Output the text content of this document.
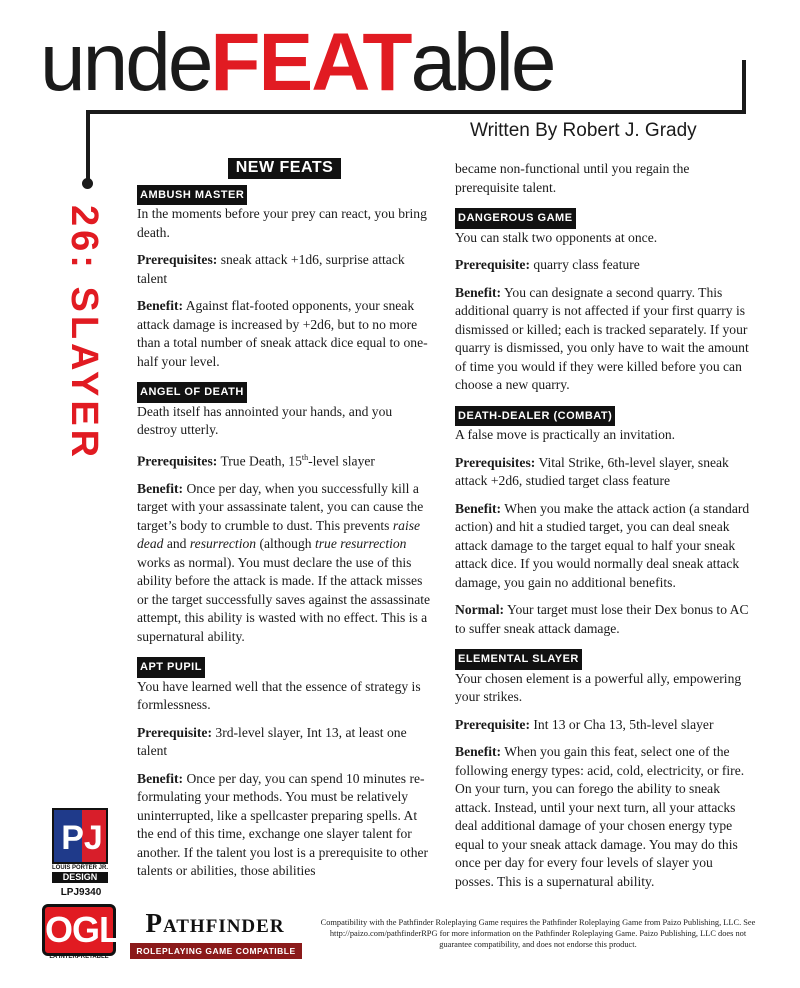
undeFEATable
Written By Robert J. Grady
26: SLAYER
NEW FEATS
AMBUSH MASTER

In the moments before your prey can react, you bring death.

Prerequisites: sneak attack +1d6, surprise attack talent

Benefit: Against flat-footed opponents, your sneak attack damage is increased by +2d6, but to no more than a total number of sneak attack dice equal to one-half your level.

ANGEL OF DEATH

Death itself has annointed your hands, and you destroy utterly.

Prerequisites: True Death, 15th-level slayer

Benefit: Once per day, when you successfully kill a target with your assassinate talent, you can cause the target’s body to crumble to dust. This prevents raise dead and resurrection (although true resurrection works as normal). You must declare the use of this ability before the attack is made. If the attack misses or the target successfully saves against the assassinate attempt, this ability is wasted with no effect. This is a supernatural ability.

APT PUPIL

You have learned well that the essence of strategy is formlessness.

Prerequisite: 3rd-level slayer, Int 13, at least one talent

Benefit: Once per day, you can spend 10 minutes re-formulating your methods. You must be relatively uninterrupted, like a spellcaster preparing spells. At the end of this time, exchange one slayer talent for another. If the talent you lost is a prerequisite to other talents or abilities, those abilities

became non-functional until you regain the prerequisite talent.

DANGEROUS GAME

You can stalk two opponents at once.

Prerequisite: quarry class feature

Benefit: You can designate a second quarry. This additional quarry is not affected if your first quarry is dismissed or killed; each is tracked separately. If your quarry is dismissed, you only have to wait the amount of time you would if they were killed before you can choose a new quarry.

DEATH-DEALER (COMBAT)

A false move is practically an invitation.

Prerequisites: Vital Strike, 6th-level slayer, sneak attack +2d6, studied target class feature

Benefit: When you make the attack action (a standard action) and hit a studied target, you can deal sneak attack damage to the target equal to half your sneak attack dice. If you would normally deal sneak attack damage, you gain no additional benefits.

Normal: Your target must lose their Dex bonus to AC to suffer sneak attack damage.

ELEMENTAL SLAYER

Your chosen element is a powerful ally, empowering your strikes.

Prerequisite: Int 13 or Cha 13, 5th-level slayer

Benefit: When you gain this feat, select one of the following energy types: acid, cold, electricity, or fire. On your turn, you can forego the ability to sneak attack. Instead, until your next turn, all your attacks deal additional damage of your chosen energy type equal to your sneak attack damage. You may do this once per day for every four levels of slayer you posses. This is a supernatural ability.

PJ
LOUIS PORTER JR.
DESIGN
LPJ9340
OGL
LA INTERPRETABLE
Pathfinder
ROLEPLAYING GAME COMPATIBLE
Compatibility with the Pathfinder Roleplaying Game requires the Pathfinder Roleplaying Game from Paizo Publishing, LLC. See http://paizo.com/pathfinderRPG for more information on the Pathfinder Roleplaying Game. Paizo Publishing, LLC does not guarantee compatibility, and does not endorse this product.
